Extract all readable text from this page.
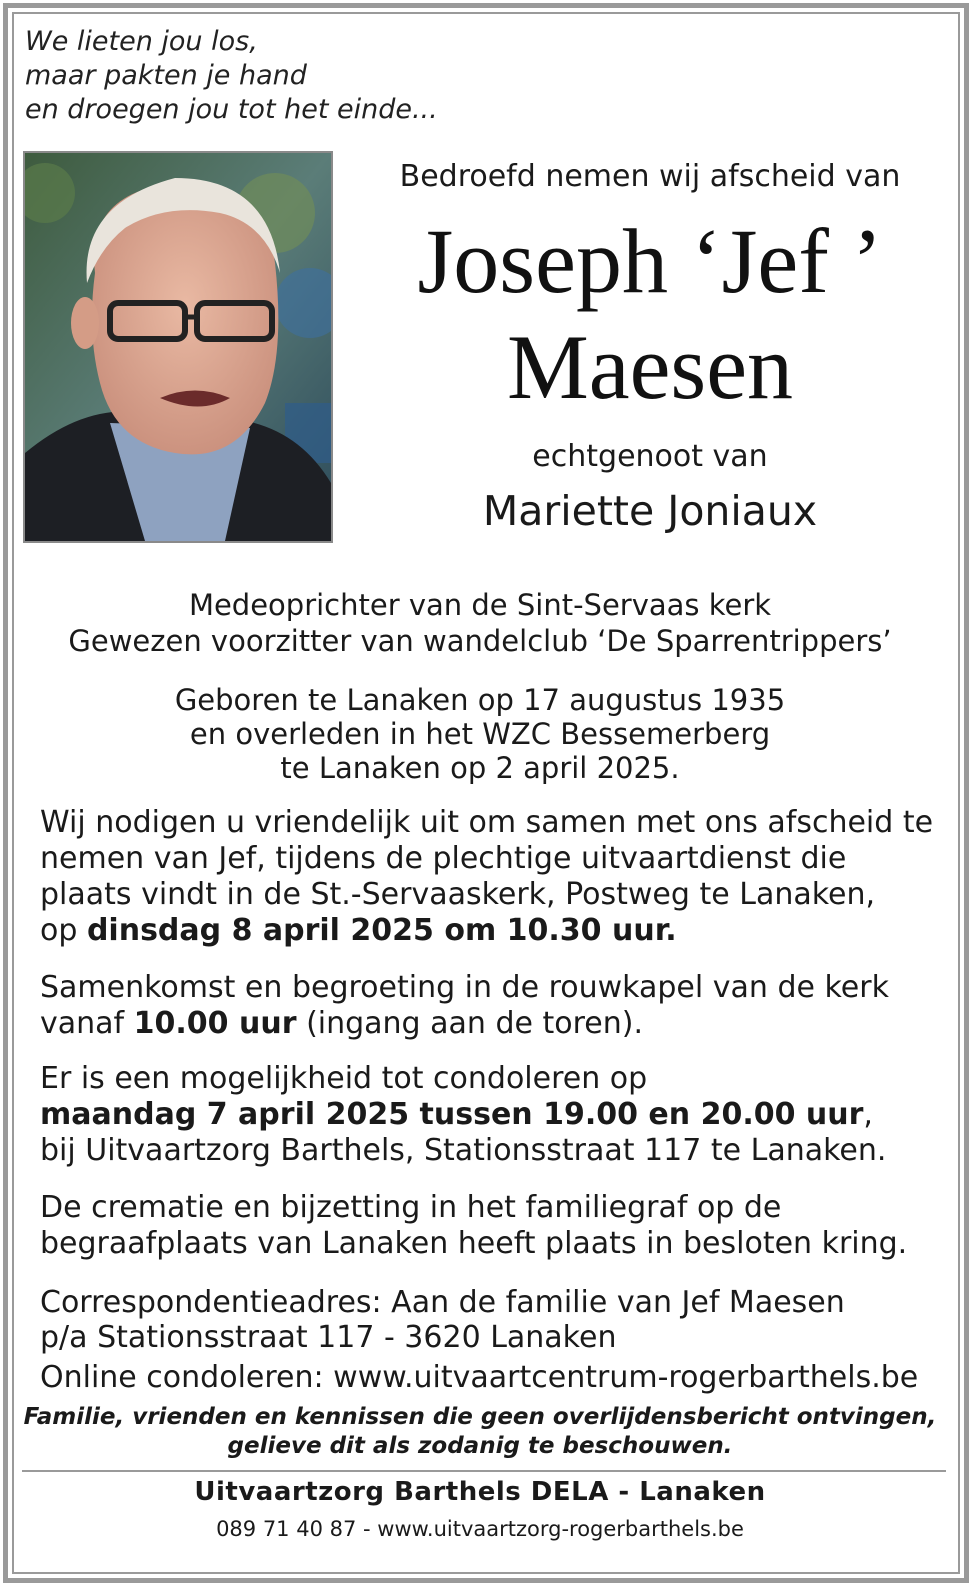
We lieten jou los,
maar pakten je hand
en droegen jou tot het einde...

Bedroefd nemen wij afscheid van

Joseph ‘Jef ’
Maesen

echtgenoot van

Mariette Joniaux

Medeoprichter van de Sint-Servaas kerk
Gewezen voorzitter van wandelclub ‘De Sparrentrippers’
Geboren te Lanaken op 17 augustus 1935
en overleden in het WZC Bessemerberg
te Lanaken op 2 april 2025.
Wij nodigen u vriendelijk uit om samen met ons afscheid te nemen van Jef, tijdens de plechtige uitvaartdienst die plaats vindt in de St.-Servaaskerk, Postweg te Lanaken,
op dinsdag 8 april 2025 om 10.30 uur.
Samenkomst en begroeting in de rouwkapel van de kerk
vanaf 10.00 uur (ingang aan de toren).
Er is een mogelijkheid tot condoleren op
maandag 7 april 2025 tussen 19.00 en 20.00 uur,
bij Uitvaartzorg Barthels, Stationsstraat 117 te Lanaken.
De crematie en bijzetting in het familiegraf op de begraafplaats van Lanaken heeft plaats in besloten kring.
Correspondentieadres: Aan de familie van Jef Maesen
p/a Stationsstraat 117 - 3620 Lanaken
Online condoleren: www.uitvaartcentrum-rogerbarthels.be
Familie, vrienden en kennissen die geen overlijdensbericht ontvingen,
gelieve dit als zodanig te beschouwen.

Uitvaartzorg Barthels DELA - Lanaken

089 71 40 87 - www.uitvaartzorg-rogerbarthels.be
